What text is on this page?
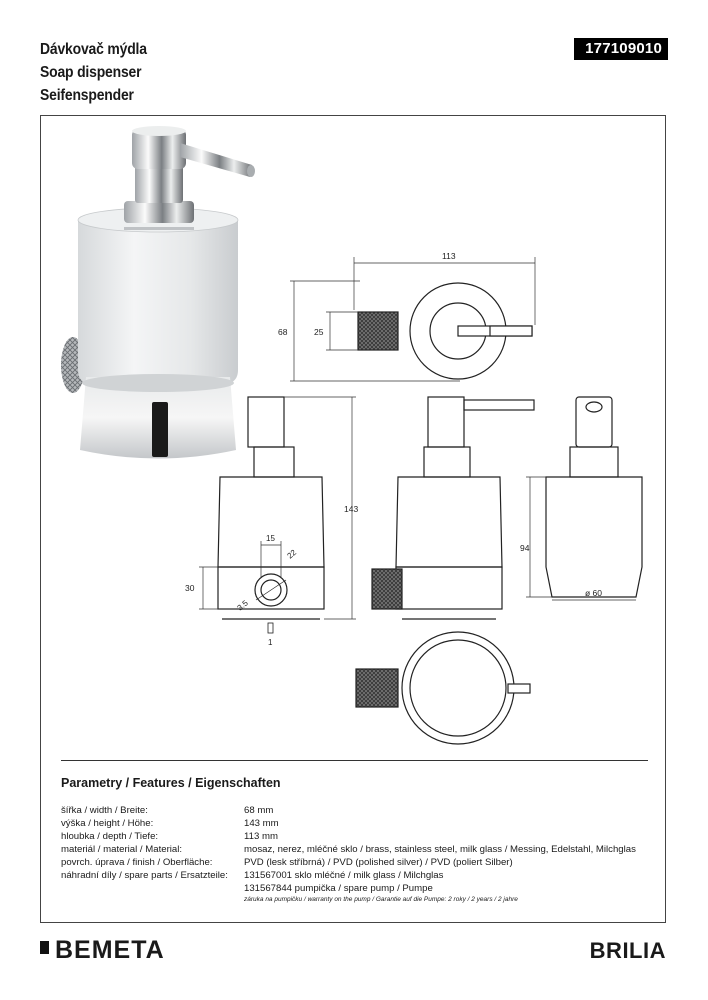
Dávkovač mýdla
Soap dispenser
Seifenspender
177109010
113
68	25
143
30
15
22
3.5
1
94
ø 60
Parametry / Features / Eigenschaften
šířka / width / Breite:	68 mm
výška / height / Höhe:	143 mm
hloubka / depth / Tiefe:	113 mm
materiál / material / Material:	mosaz, nerez, mléčné sklo / brass, stainless steel, milk glass / Messing, Edelstahl, Milchglas
povrch. úprava / finish / Oberfläche:	PVD (lesk stříbrná) / PVD (polished silver) / PVD (poliert Silber)
náhradní díly / spare parts / Ersatzteile:	131567001 sklo mléčné / milk glass / Milchglas
131567844 pumpička / spare pump / Pumpe
záruka na pumpičku / warranty on the pump / Garantie auf die Pumpe: 2 roky / 2 years / 2 jahre
BEMETA	BRILIA
